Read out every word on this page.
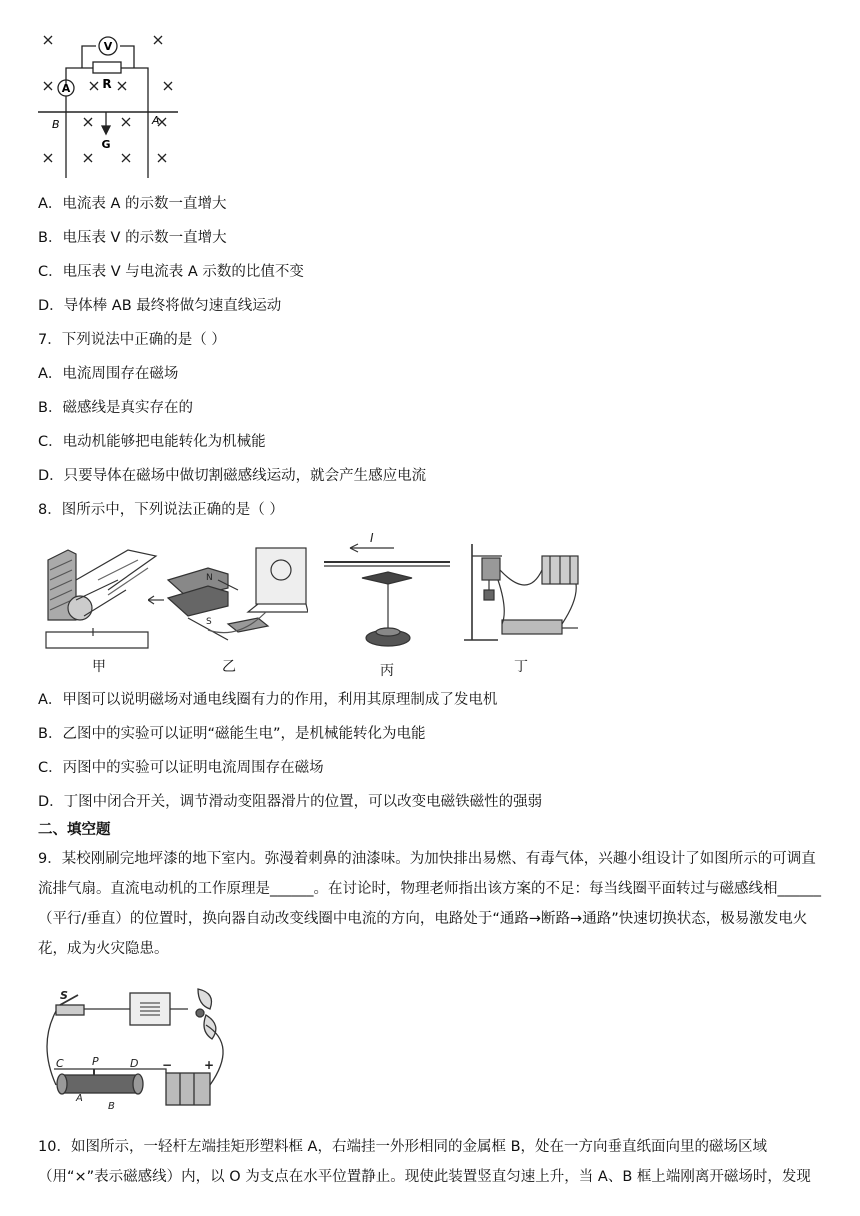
V
A	R
B	A
G
A．电流表 A 的示数一直增大
B．电压表 V 的示数一直增大
C．电压表 V 与电流表 A 示数的比值不变
D．导体棒 AB 最终将做匀速直线运动
7．下列说法中正确的是（ ）
A．电流周围存在磁场
B．磁感线是真实存在的
C．电动机能够把电能转化为机械能
D．只要导体在磁场中做切割磁感线运动，就会产生感应电流
8．图所示中，下列说法正确的是（ ）
甲
N
S
乙
I
丙	丁
A．甲图可以说明磁场对通电线圈有力的作用，利用其原理制成了发电机
B．乙图中的实验可以证明“磁能生电”，是机械能转化为电能
C．丙图中的实验可以证明电流周围存在磁场
D．丁图中闭合开关，调节滑动变阻器滑片的位置，可以改变电磁铁磁性的强弱
二、填空题
9．某校刚刷完地坪漆的地下室内。弥漫着刺鼻的油漆味。为加快排出易燃、有毒气体，兴趣小组设计了如图所示的可调直流排气扇。直流电动机的工作原理是______。在讨论时，物理老师指出该方案的不足：每当线圈平面转过与磁感线相______（平行/垂直）的位置时，换向器自动改变线圈中电流的方向，电路处于“通路→断路→通路”快速切换状态，极易激发电火花，成为火灾隐患。
S
C	P	D
A
B
−	+
10．如图所示，一轻杆左端挂矩形塑料框 A，右端挂一外形相同的金属框 B，处在一方向垂直纸面向里的磁场区域（用“×”表示磁感线）内，以 O 为支点在水平位置静止。现使此装置竖直匀速上升，当 A、B 框上端刚离开磁场时，发现
